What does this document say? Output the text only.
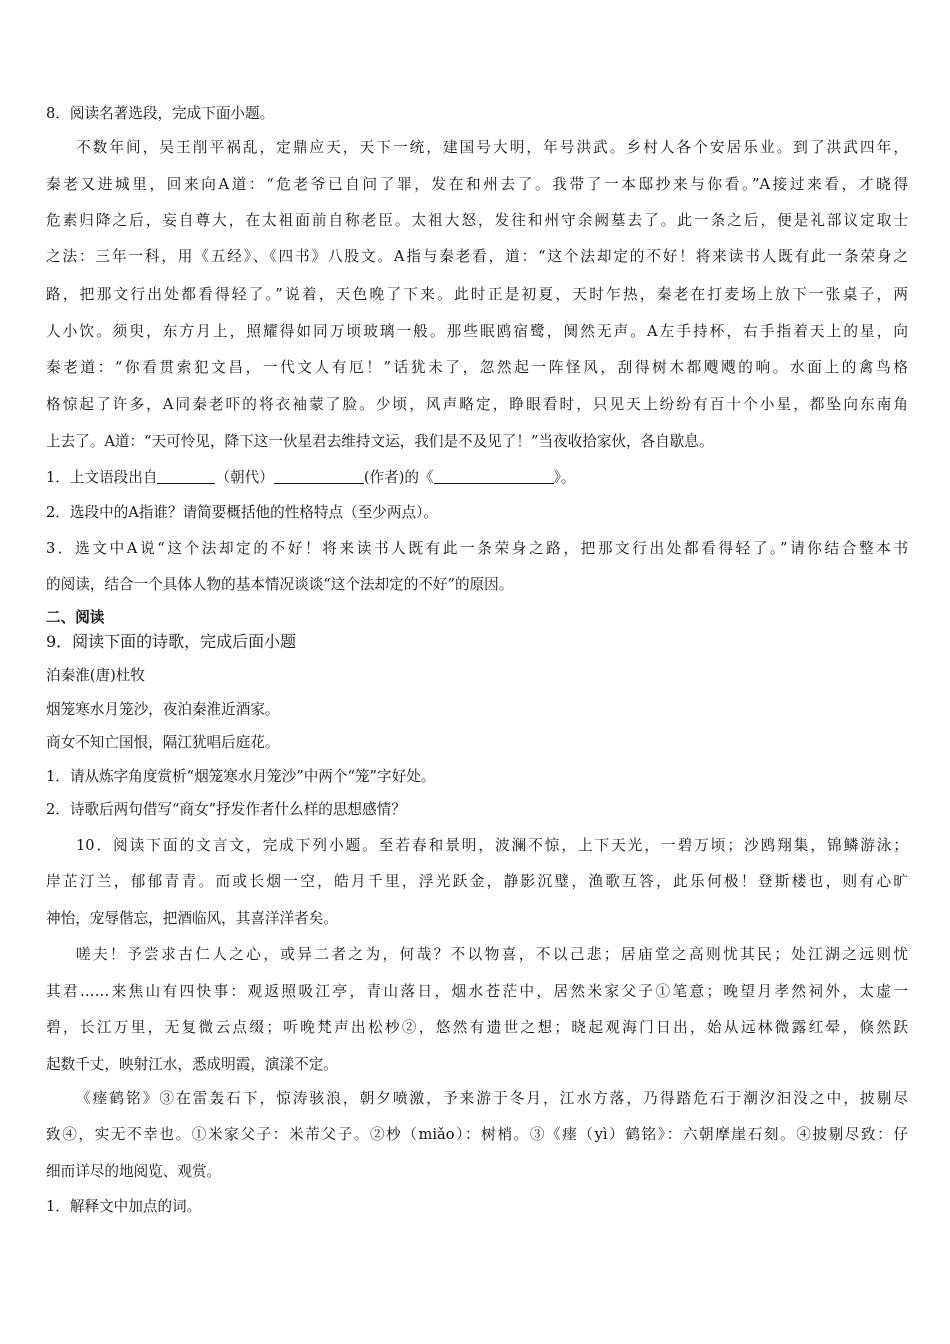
8．阅读名著选段，完成下面小题。
不数年间，吴王削平祸乱，定鼎应天，天下一统，建国号大明，年号洪武。乡村人各个安居乐业。到了洪武四年，
秦老又进城里，回来向A道：“危老爷已自问了罪，发在和州去了。我带了一本邸抄来与你看。”A接过来看，才晓得
危素归降之后，妄自尊大，在太祖面前自称老臣。太祖大怒，发往和州守余阙墓去了。此一条之后，便是礼部议定取士
之法：三年一科，用《五经》、《四书》八股文。A指与秦老看，道：“这个法却定的不好！将来读书人既有此一条荣身之
路，把那文行出处都看得轻了。”说着，天色晚了下来。此时正是初夏，天时乍热，秦老在打麦场上放下一张桌子，两
人小饮。须臾，东方月上，照耀得如同万顷玻璃一般。那些眠鸥宿鹭，阒然无声。A左手持杯，右手指着天上的星，向
秦老道：“你看贯索犯文昌，一代文人有厄！”话犹未了，忽然起一阵怪风，刮得树木都飕飕的响。水面上的禽鸟格
格惊起了许多，A同秦老吓的将衣袖蒙了脸。少顷，风声略定，睁眼看时，只见天上纷纷有百十个小星，都坠向东南角
上去了。A道：“天可怜见，降下这一伙星君去维持文运，我们是不及见了！”当夜收拾家伙，各自歇息。
1．上文语段出自	（朝代）	(作者)的《	》。
2．选段中的A指谁？请简要概括他的性格特点（至少两点）。
3．选文中A说“这个法却定的不好！将来读书人既有此一条荣身之路，把那文行出处都看得轻了。”请你结合整本书
的阅读，结合一个具体人物的基本情况谈谈“这个法却定的不好”的原因。
二、阅读
9．阅读下面的诗歌，完成后面小题
泊秦淮(唐)杜牧
烟笼寒水月笼沙，夜泊秦淮近酒家。
商女不知亡国恨，隔江犹唱后庭花。
1．请从炼字角度赏析“烟笼寒水月笼沙”中两个“笼”字好处。
2．诗歌后两句借写“商女”抒发作者什么样的思想感情？
10．阅读下面的文言文，完成下列小题。至若春和景明，波澜不惊，上下天光，一碧万顷；沙鸥翔集，锦鳞游泳；
岸芷汀兰，郁郁青青。而或长烟一空，皓月千里，浮光跃金，静影沉璧，渔歌互答，此乐何极！登斯楼也，则有心旷
神怡，宠辱偕忘，把酒临风，其喜洋洋者矣。
嗟夫！予尝求古仁人之心，或异二者之为，何哉？不以物喜，不以己悲；居庙堂之高则忧其民；处江湖之远则忧
其君……来焦山有四快事：观返照吸江亭，青山落日，烟水苍茫中，居然米家父子①笔意；晚望月孝然祠外，太虚一
碧，长江万里，无复微云点缀；听晚梵声出松杪②，悠然有遗世之想；晓起观海门日出，始从远林微露红晕，倏然跃
起数千丈，映射江水，悉成明霞，演漾不定。
《瘗鹤铭》③在雷轰石下，惊涛骇浪，朝夕喷激，予来游于冬月，江水方落，乃得踏危石于潮汐汩没之中，披剔尽
致④，实无不幸也。①米家父子：米芾父子。②杪（miǎo）：树梢。③《瘗（yì）鹤铭》：六朝摩崖石刻。④披剔尽致：仔
细而详尽的地阅览、观赏。
1．解释文中加点的词。
